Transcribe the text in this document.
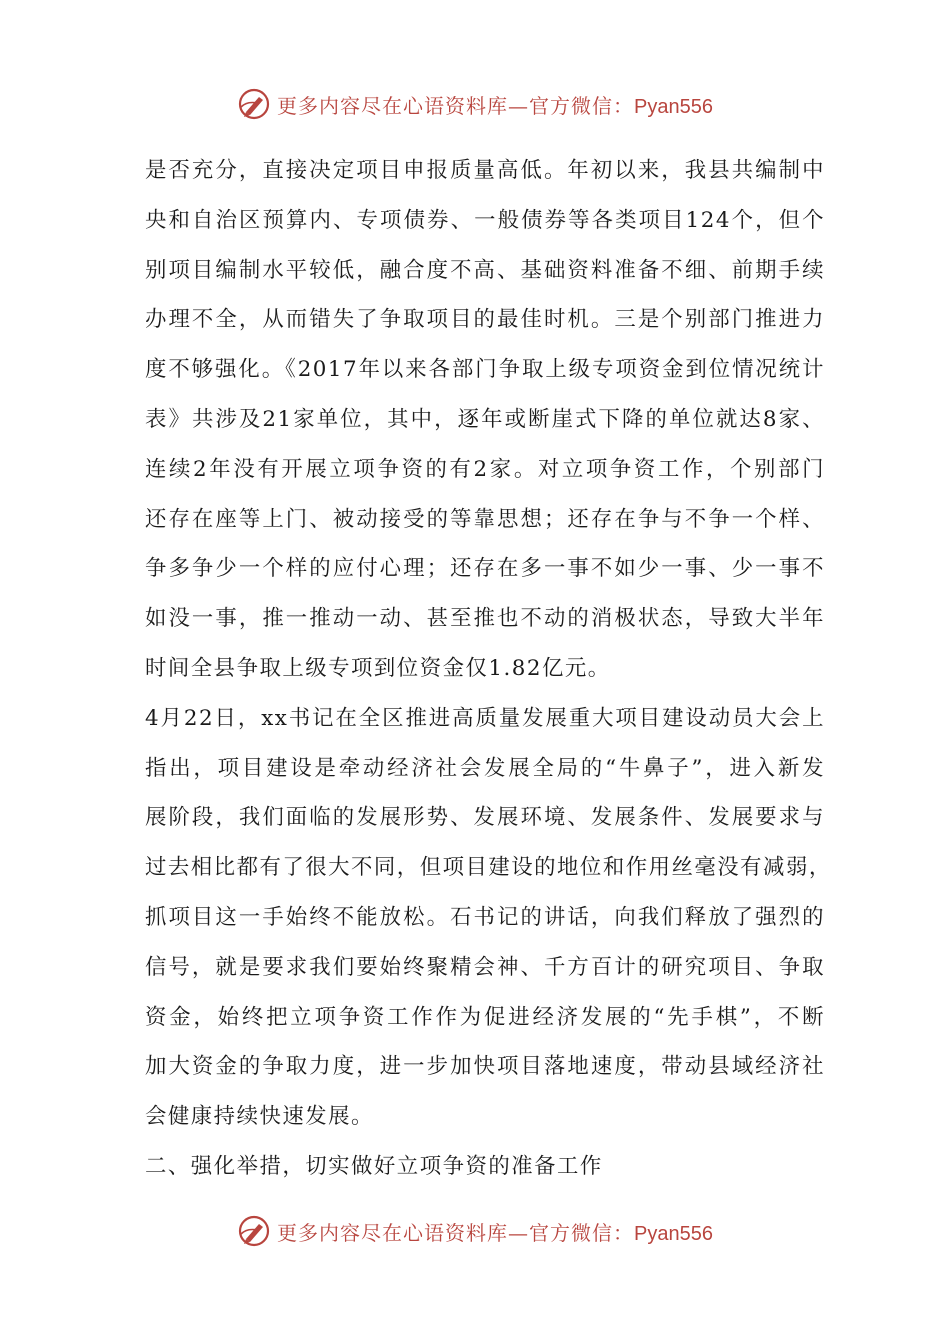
更多内容尽在心语资料库—官方微信：Pyan556
是否充分，直接决定项目申报质量高低。年初以来，我县共编制中
央和自治区预算内、专项债券、一般债券等各类项目124个，但个
别项目编制水平较低，融合度不高、基础资料准备不细、前期手续
办理不全，从而错失了争取项目的最佳时机。三是个别部门推进力
度不够强化。《2017年以来各部门争取上级专项资金到位情况统计
表》共涉及21家单位，其中，逐年或断崖式下降的单位就达8家、
连续2年没有开展立项争资的有2家。对立项争资工作，个别部门
还存在座等上门、被动接受的等靠思想；还存在争与不争一个样、
争多争少一个样的应付心理；还存在多一事不如少一事、少一事不
如没一事，推一推动一动、甚至推也不动的消极状态，导致大半年
时间全县争取上级专项到位资金仅1.82亿元。
4月22日，xx书记在全区推进高质量发展重大项目建设动员大会上
指出，项目建设是牵动经济社会发展全局的“牛鼻子”，进入新发
展阶段，我们面临的发展形势、发展环境、发展条件、发展要求与
过去相比都有了很大不同，但项目建设的地位和作用丝毫没有减弱，
抓项目这一手始终不能放松。石书记的讲话，向我们释放了强烈的
信号，就是要求我们要始终聚精会神、千方百计的研究项目、争取
资金，始终把立项争资工作作为促进经济发展的“先手棋”，不断
加大资金的争取力度，进一步加快项目落地速度，带动县域经济社
会健康持续快速发展。
二、强化举措，切实做好立项争资的准备工作
更多内容尽在心语资料库—官方微信：Pyan556
